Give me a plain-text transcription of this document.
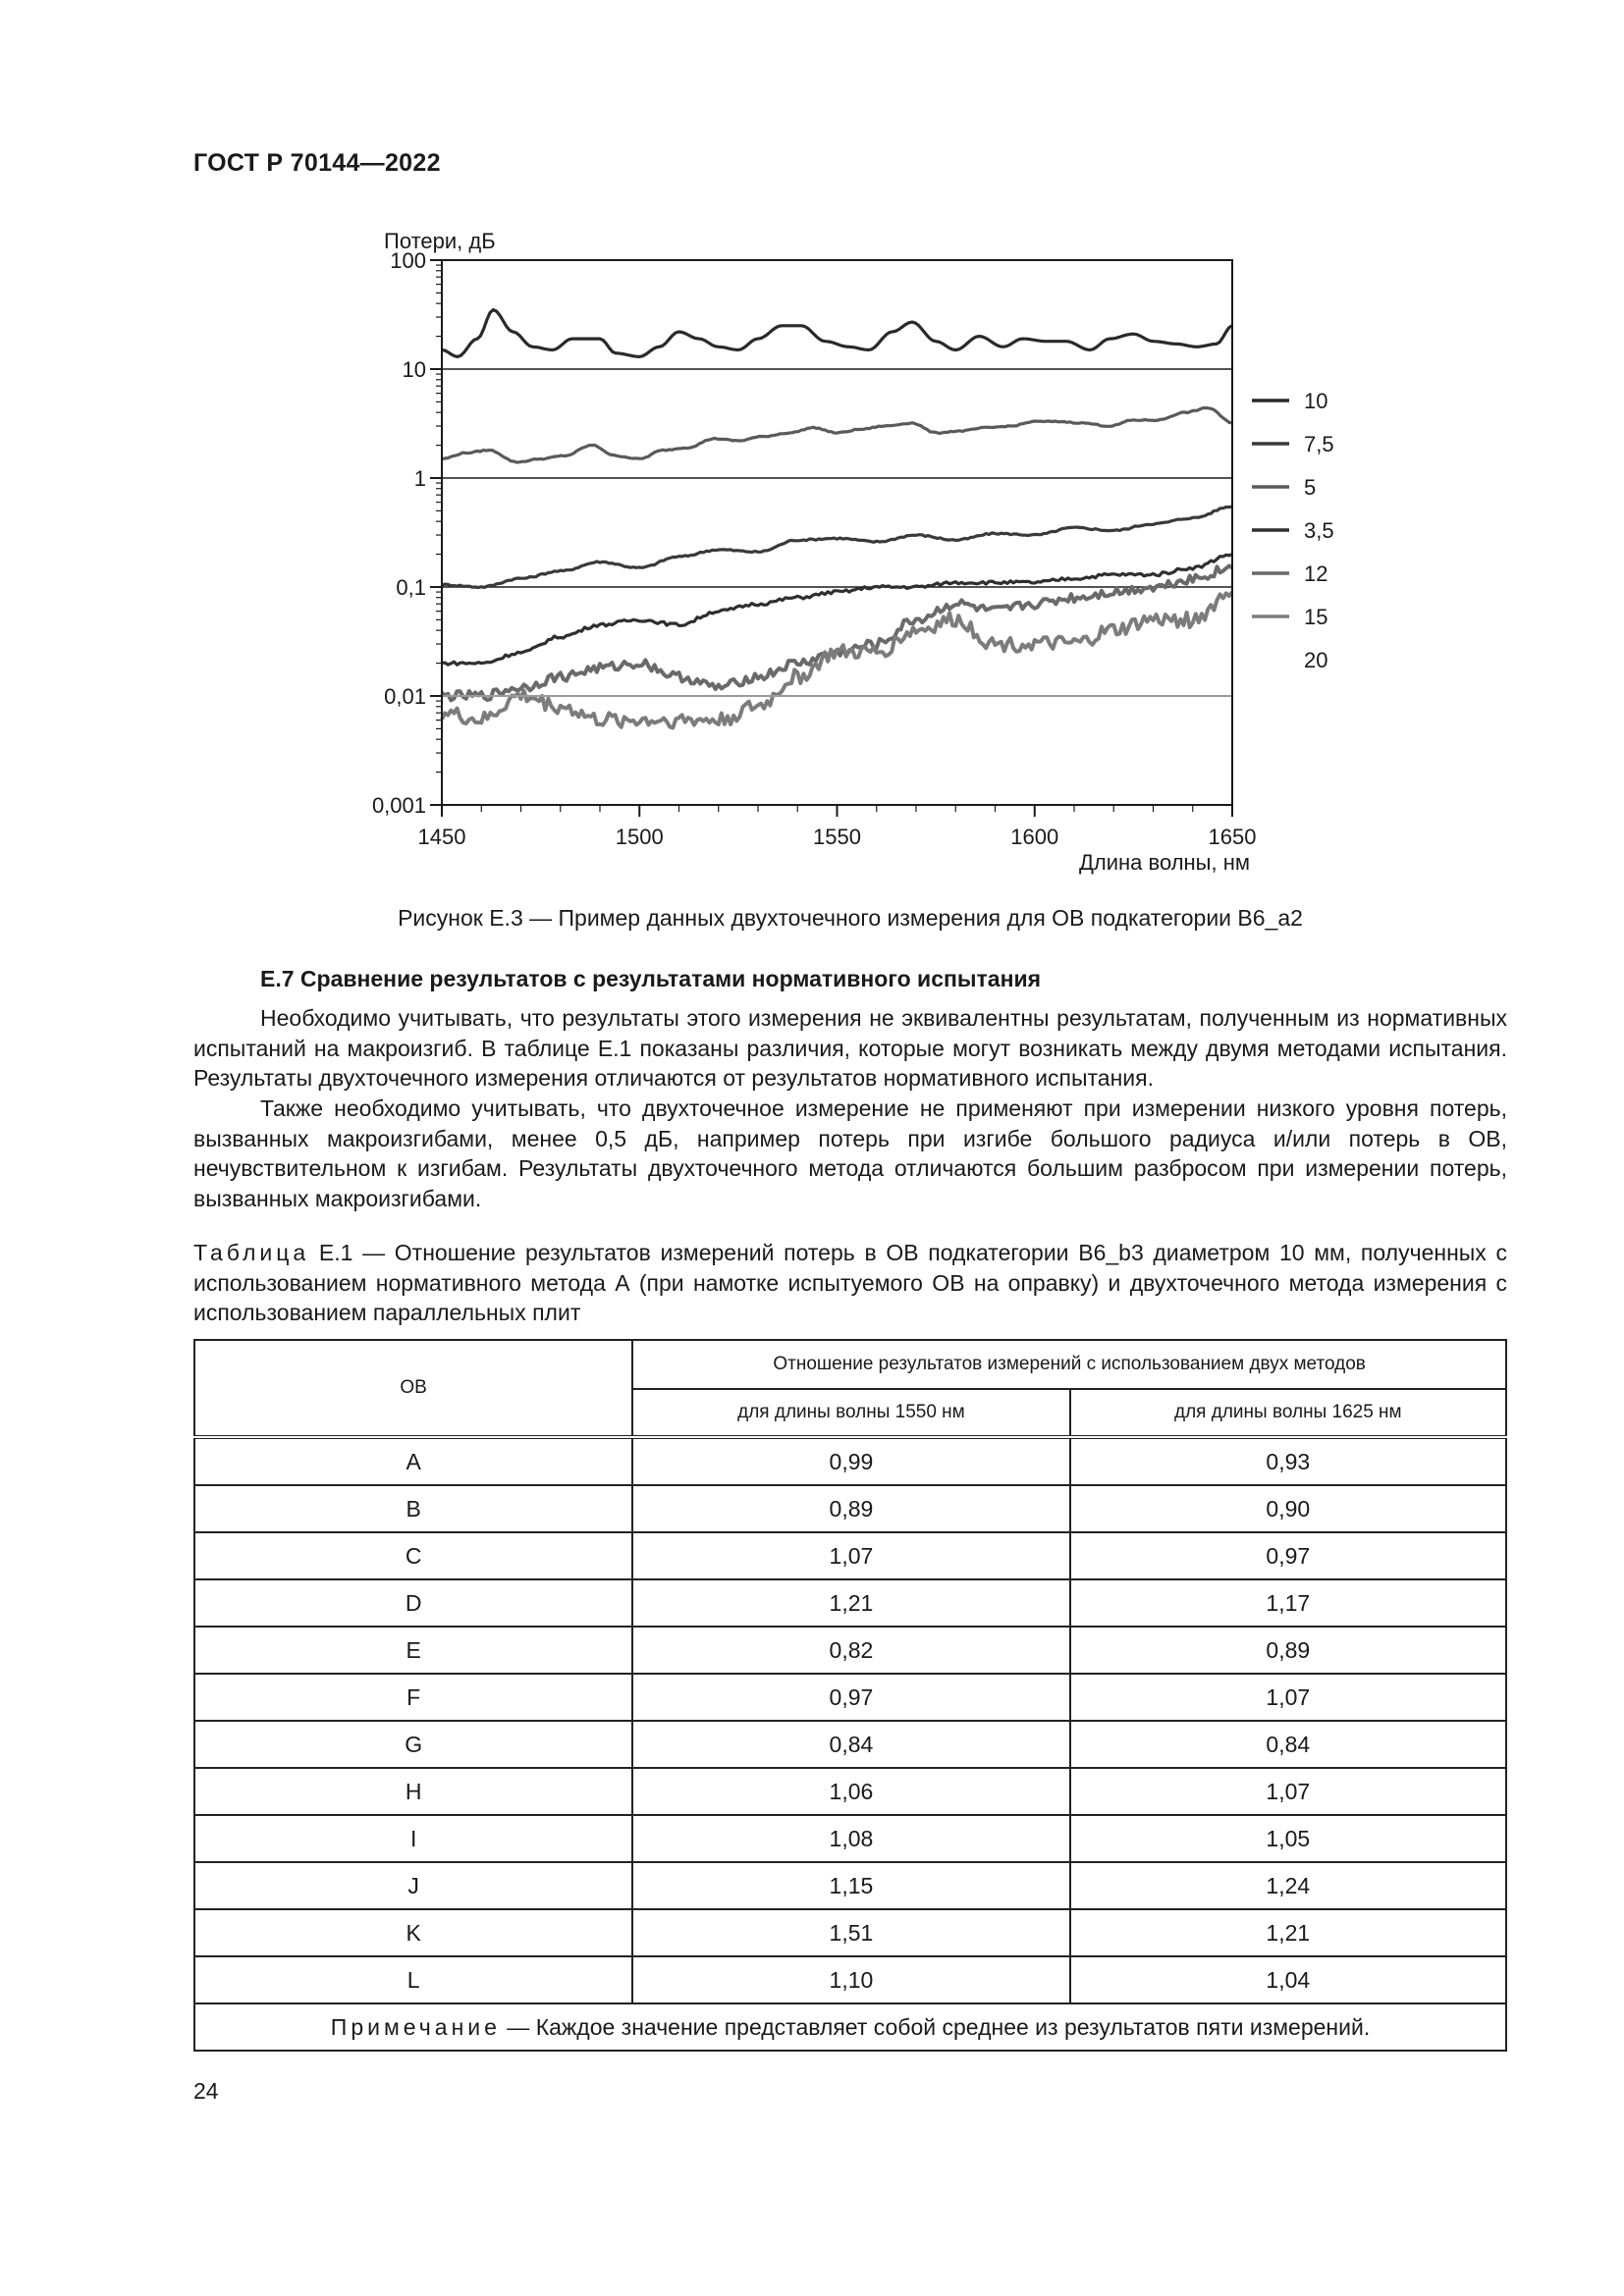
ГОСТ Р 70144—2022
100
10
1
0,1
0,01
0,001
1450	1500	1550	1600	1650
Потери, дБ
Длина волны, нм
10
7,5
5
3,5
12
15
20
Рисунок Е.3 — Пример данных двухточечного измерения для ОВ подкатегории В6_а2
Е.7 Сравнение результатов с результатами нормативного испытания
Необходимо учитывать, что результаты этого измерения не эквивалентны результатам, полученным из нормативных испытаний на макроизгиб. В таблице Е.1 показаны различия, которые могут возникать между двумя методами испытания. Результаты двухточечного измерения отличаются от результатов нормативного испытания.
Также необходимо учитывать, что двухточечное измерение не применяют при измерении низкого уровня потерь, вызванных макроизгибами, менее 0,5 дБ, например потерь при изгибе большого радиуса и/или потерь в ОВ, нечувствительном к изгибам. Результаты двухточечного метода отличаются большим разбросом при измерении потерь, вызванных макроизгибами.
Таблица Е.1 — Отношение результатов измерений потерь в ОВ подкатегории В6_b3 диаметром 10 мм, полученных с использованием нормативного метода А (при намотке испытуемого ОВ на оправку) и двухточечного метода измерения с использованием параллельных плит
ОВ	Отношение результатов измерений с использованием двух методов	
	для длины волны 1550 нм	для длины волны 1625 нм
A	0,99	0,93
B	0,89	0,90
C	1,07	0,97
D	1,21	1,17
E	0,82	0,89
F	0,97	1,07
G	0,84	0,84
H	1,06	1,07
I	1,08	1,05
J	1,15	1,24
K	1,51	1,21
L	1,10	1,04
Примечание — Каждое значение представляет собой среднее из результатов пяти измерений.		
24
